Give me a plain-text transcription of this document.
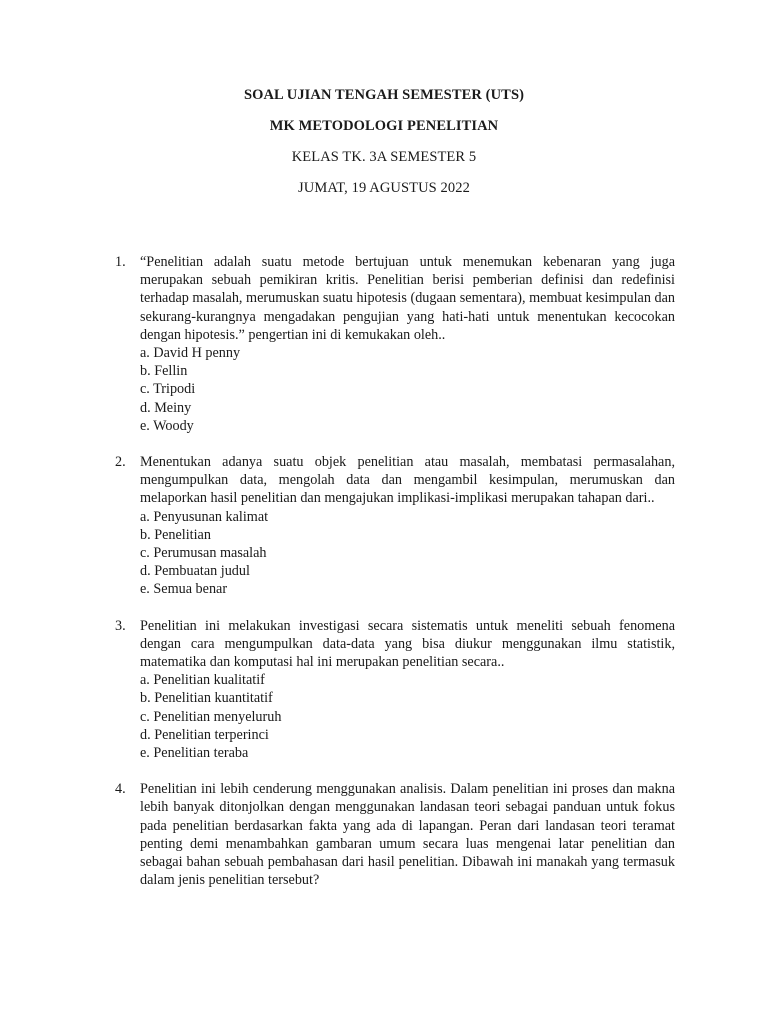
SOAL UJIAN TENGAH SEMESTER (UTS)
MK METODOLOGI PENELITIAN
KELAS TK. 3A SEMESTER 5
JUMAT, 19 AGUSTUS 2022
1. “Penelitian adalah suatu metode bertujuan untuk menemukan kebenaran yang juga merupakan sebuah pemikiran kritis. Penelitian berisi pemberian definisi dan redefinisi terhadap masalah, merumuskan suatu hipotesis (dugaan sementara), membuat kesimpulan dan sekurang-kurangnya mengadakan pengujian yang hati-hati untuk menentukan kecocokan dengan hipotesis.” pengertian ini di kemukakan oleh..

a. David H penny
b. Fellin
c. Tripodi
d. Meiny
e. Woody
2. Menentukan adanya suatu objek penelitian atau masalah, membatasi permasalahan, mengumpulkan data, mengolah data dan mengambil kesimpulan, merumuskan dan melaporkan hasil penelitian dan mengajukan implikasi-implikasi merupakan tahapan dari..

a. Penyusunan kalimat
b. Penelitian
c. Perumusan masalah
d. Pembuatan judul
e. Semua benar
3. Penelitian ini melakukan investigasi secara sistematis untuk meneliti sebuah fenomena dengan cara mengumpulkan data-data yang bisa diukur menggunakan ilmu statistik, matematika dan komputasi hal ini merupakan penelitian secara..

a. Penelitian kualitatif
b. Penelitian kuantitatif
c. Penelitian menyeluruh
d. Penelitian terperinci
e. Penelitian teraba
4. Penelitian ini lebih cenderung menggunakan analisis. Dalam penelitian ini proses dan makna lebih banyak ditonjolkan dengan menggunakan landasan teori sebagai panduan untuk fokus pada penelitian berdasarkan fakta yang ada di lapangan. Peran dari landasan teori teramat penting demi menambahkan gambaran umum secara luas mengenai latar penelitian dan sebagai bahan sebuah pembahasan dari hasil penelitian. Dibawah ini manakah yang termasuk dalam jenis penelitian tersebut?
